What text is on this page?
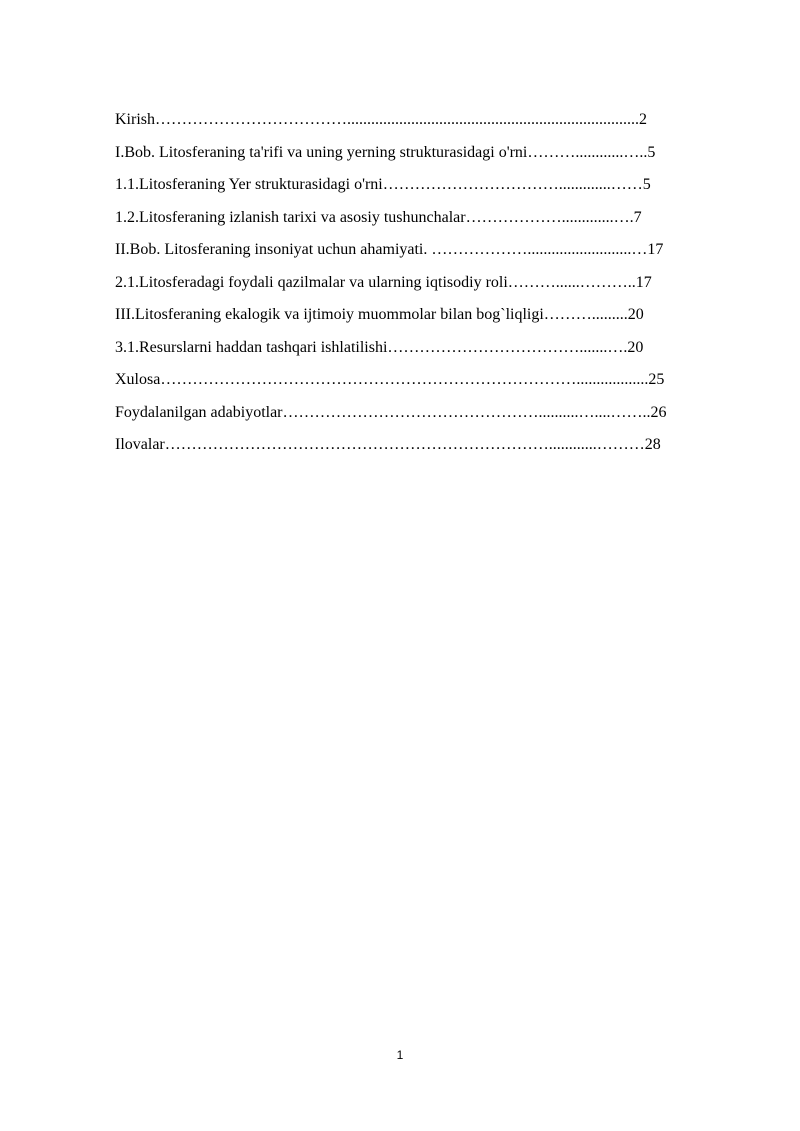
Kirish……………………………….........................................................................2
I.Bob. Litosferaning ta'rifi va uning yerning strukturasidagi o'rni………............…..5
1.1.Litosferaning Yer strukturasidagi o'rni…………………………….............……5
1.2.Litosferaning izlanish tarixi va asosiy tushunchalar……………….............….7
II.Bob. Litosferaning insoniyat uchun ahamiyati. ………………..........................…17
2.1.Litosferadagi foydali qazilmalar va ularning iqtisodiy roli………......………..17
III.Litosferaning ekalogik va ijtimoiy muommolar bilan bog`liqligi……….........20
3.1.Resurslarni haddan tashqari ishlatilishi……………………………….......….20
Xulosa……………………………………………………………………..................25
Foydalanilgan adabiyotlar…………………………………………..........…....……..26
Ilovalar………………………………………………………………............………28
1
